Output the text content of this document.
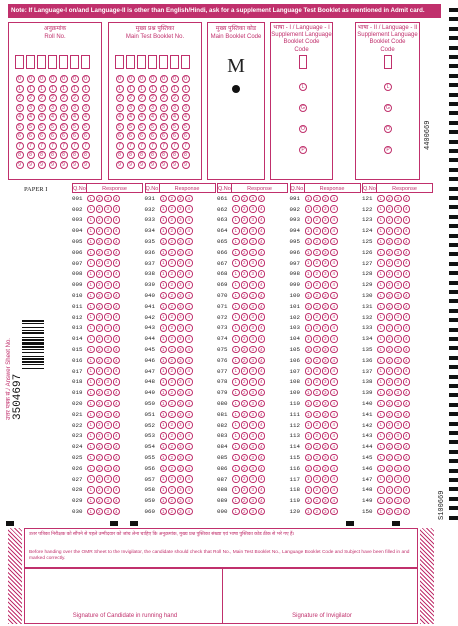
Note: If Language-I on/and Language-II is other than English/Hindi, ask for a supplement Language Test Booklet as mentioned in Admit card.
अनुक्रमांक
Roll No.
0
1
2
3
4
5
6
7
8
9
0
1
2
3
4
5
6
7
8
9
0
1
2
3
4
5
6
7
8
9
0
1
2
3
4
5
6
7
8
9
0
1
2
3
4
5
6
7
8
9
0
1
2
3
4
5
6
7
8
9
0
1
2
3
4
5
6
7
8
9
मुख्य प्रश्न पुस्तिका
Main Test Booklet No.
0
1
2
3
4
5
6
7
8
9
0
1
2
3
4
5
6
7
8
9
0
1
2
3
4
5
6
7
8
9
0
1
2
3
4
5
6
7
8
9
0
1
2
3
4
5
6
7
8
9
0
1
2
3
4
5
6
7
8
9
0
1
2
3
4
5
6
7
8
9
मुख्य पुस्तिका कोड
Main Booklet Code
M
भाषा - I / Language - I
Supplement Language Booklet Code
Code
L
G
O
P
भाषा - II / Language - II
Supplement Language Booklet Code
Code
L
G
O
P	4400669
PAPER I	Q.No.	Response
001	1	2	3	4
002	1	2	3	4
003	1	2	3	4
004	1	2	3	4
005	1	2	3	4
006	1	2	3	4
007	1	2	3	4
008	1	2	3	4
009	1	2	3	4
010	1	2	3	4
011	1	2	3	4
012	1	2	3	4
013	1	2	3	4
014	1	2	3	4
015	1	2	3	4
016	1	2	3	4
017	1	2	3	4
018	1	2	3	4
019	1	2	3	4
020	1	2	3	4
021	1	2	3	4
022	1	2	3	4
023	1	2	3	4
024	1	2	3	4
025	1	2	3	4
026	1	2	3	4
027	1	2	3	4
028	1	2	3	4
029	1	2	3	4
030	1	2	3	4
Q.No.	Response
031	1	2	3	4
032	1	2	3	4
033	1	2	3	4
034	1	2	3	4
035	1	2	3	4
036	1	2	3	4
037	1	2	3	4
038	1	2	3	4
039	1	2	3	4
040	1	2	3	4
041	1	2	3	4
042	1	2	3	4
043	1	2	3	4
044	1	2	3	4
045	1	2	3	4
046	1	2	3	4
047	1	2	3	4
048	1	2	3	4
049	1	2	3	4
050	1	2	3	4
051	1	2	3	4
052	1	2	3	4
053	1	2	3	4
054	1	2	3	4
055	1	2	3	4
056	1	2	3	4
057	1	2	3	4
058	1	2	3	4
059	1	2	3	4
060	1	2	3	4
Q.No.	Response
061	1	2	3	4
062	1	2	3	4
063	1	2	3	4
064	1	2	3	4
065	1	2	3	4
066	1	2	3	4
067	1	2	3	4
068	1	2	3	4
069	1	2	3	4
070	1	2	3	4
071	1	2	3	4
072	1	2	3	4
073	1	2	3	4
074	1	2	3	4
075	1	2	3	4
076	1	2	3	4
077	1	2	3	4
078	1	2	3	4
079	1	2	3	4
080	1	2	3	4
081	1	2	3	4
082	1	2	3	4
083	1	2	3	4
084	1	2	3	4
085	1	2	3	4
086	1	2	3	4
087	1	2	3	4
088	1	2	3	4
089	1	2	3	4
090	1	2	3	4
Q.No.	Response
091	1	2	3	4
092	1	2	3	4
093	1	2	3	4
094	1	2	3	4
095	1	2	3	4
096	1	2	3	4
097	1	2	3	4
098	1	2	3	4
099	1	2	3	4
100	1	2	3	4
101	1	2	3	4
102	1	2	3	4
103	1	2	3	4
104	1	2	3	4
105	1	2	3	4
106	1	2	3	4
107	1	2	3	4
108	1	2	3	4
109	1	2	3	4
110	1	2	3	4
111	1	2	3	4
112	1	2	3	4
113	1	2	3	4
114	1	2	3	4
115	1	2	3	4
116	1	2	3	4
117	1	2	3	4
118	1	2	3	4
119	1	2	3	4
120	1	2	3	4
Q.No.	Response
121	1	2	3	4
122	1	2	3	4
123	1	2	3	4
124	1	2	3	4
125	1	2	3	4
126	1	2	3	4
127	1	2	3	4
128	1	2	3	4
129	1	2	3	4
130	1	2	3	4
131	1	2	3	4
132	1	2	3	4
133	1	2	3	4
134	1	2	3	4
135	1	2	3	4
136	1	2	3	4
137	1	2	3	4
138	1	2	3	4
139	1	2	3	4
140	1	2	3	4
141	1	2	3	4
142	1	2	3	4
143	1	2	3	4
144	1	2	3	4
145	1	2	3	4
146	1	2	3	4
147	1	2	3	4
148	1	2	3	4
149	1	2	3	4
150	1	2	3	4
उत्तर पत्रक सं./ Answer Sheet No. 3504697
S100669
उत्तर पत्रिका निरीक्षक को सौंपने से पहले उम्मीदवार को जांच लेना चाहिए कि अनुक्रमांक, मुख्य प्रश्न पुस्तिका संख्या एवं भाषा पुस्तिका कोड ठीक से भरे गए हैं।
Before handing over the OMR Sheet to the Invigilator, the candidate should check that Roll No., Main Test Booklet No., Language Booklet Code and Subject have been filled in and marked correctly.
Signature of Candidate in running hand	Signature of Invigilator
